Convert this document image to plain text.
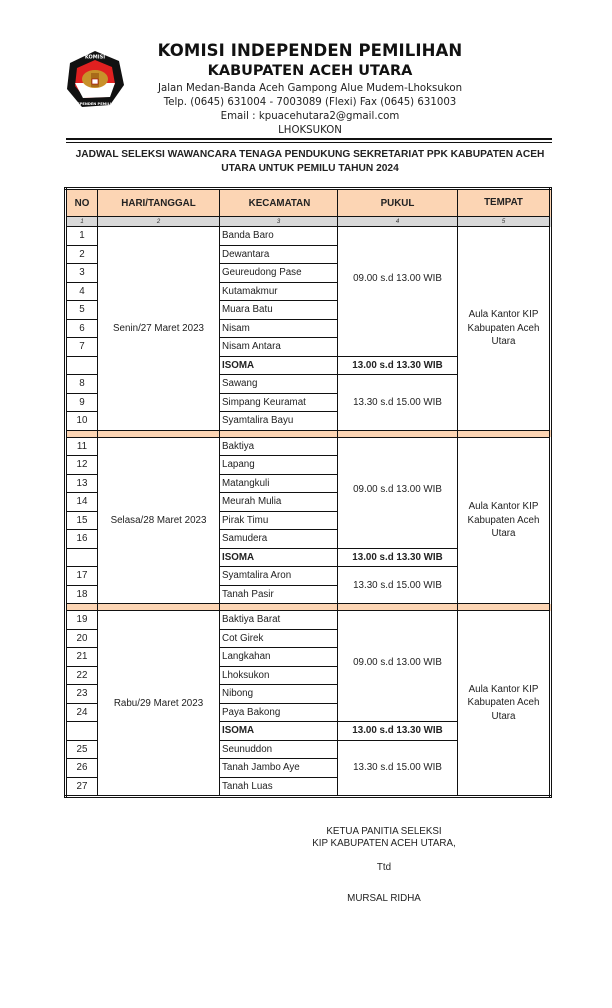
KOMISI
INDEPENDEN PEMILIHAN
KOMISI INDEPENDEN PEMILIHAN
KABUPATEN ACEH UTARA
Jalan Medan-Banda Aceh Gampong Alue Mudem-Lhoksukon
Telp. (0645) 631004 - 7003089 (Flexi) Fax (0645) 631003
Email : kpuacehutara2@gmail.com
LHOKSUKON
JADWAL SELEKSI WAWANCARA TENAGA PENDUKUNG SEKRETARIAT PPK KABUPATEN ACEH
UTARA UNTUK PEMILU TAHUN 2024
NO	HARI/TANGGAL	KECAMATAN	PUKUL	TEMPAT
1	2	3	4	5
1	Senin/27 Maret 2023	Banda Baro	09.00 s.d 13.00 WIB	Aula Kantor KIP Kabupaten Aceh Utara
2		Dewantara		
3		Geureudong Pase		
4		Kutamakmur		
5		Muara Batu		
6		Nisam		
7		Nisam Antara		
		ISOMA	13.00 s.d 13.30 WIB	
8		Sawang	13.30 s.d 15.00 WIB	
9		Simpang Keuramat		
10		Syamtalira Bayu		

11	Selasa/28 Maret 2023	Baktiya	09.00 s.d 13.00 WIB	Aula Kantor KIP Kabupaten Aceh Utara
12		Lapang		
13		Matangkuli		
14		Meurah Mulia		
15		Pirak Timu		
16		Samudera		
		ISOMA	13.00 s.d 13.30 WIB	
17		Syamtalira Aron	13.30 s.d 15.00 WIB	
18		Tanah Pasir		

19	Rabu/29 Maret 2023	Baktiya Barat	09.00 s.d 13.00 WIB	Aula Kantor KIP Kabupaten Aceh Utara
20		Cot Girek		
21		Langkahan		
22		Lhoksukon		
23		Nibong		
24		Paya Bakong		
		ISOMA	13.00 s.d 13.30 WIB	
25		Seunuddon	13.30 s.d 15.00 WIB	
26		Tanah Jambo Aye		
27		Tanah Luas		
KETUA PANITIA SELEKSI
KIP KABUPATEN ACEH UTARA,
Ttd
MURSAL RIDHA
